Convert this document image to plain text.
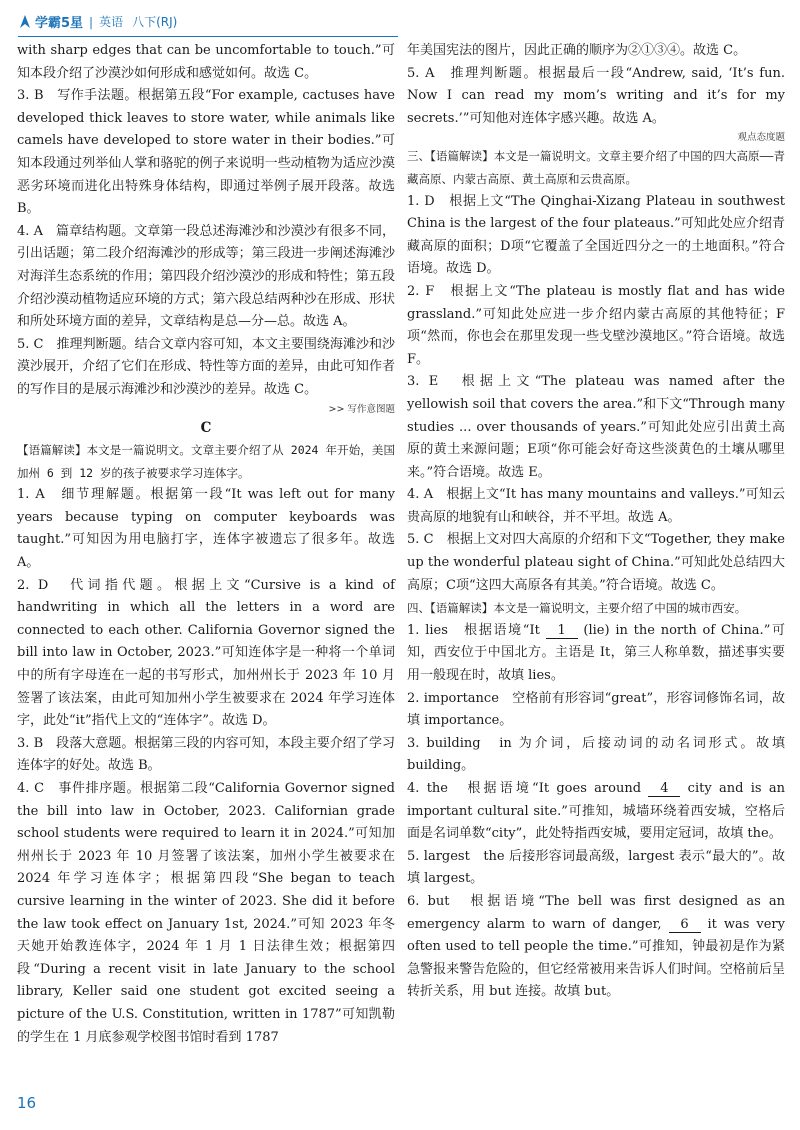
学霸5星 | 英语 八下(RJ)

with sharp edges that can be uncomfortable to touch.”可知本段介绍了沙漠沙如何形成和感觉如何。故选 C。

3. B　写作手法题。根据第五段“For example, cactuses have developed thick leaves to store water, while animals like camels have developed to store water in their bodies.”可知本段通过列举仙人掌和骆驼的例子来说明一些动植物为适应沙漠恶劣环境而进化出特殊身体结构，即通过举例子展开段落。故选 B。

4. A　篇章结构题。文章第一段总述海滩沙和沙漠沙有很多不同，引出话题；第二段介绍海滩沙的形成等；第三段进一步阐述海滩沙对海洋生态系统的作用；第四段介绍沙漠沙的形成和特性；第五段介绍沙漠动植物适应环境的方式；第六段总结两种沙在形成、形状和所处环境方面的差异，文章结构是总—分—总。故选 A。

5. C　推理判断题。结合文章内容可知，本文主要围绕海滩沙和沙漠沙展开，介绍了它们在形成、特性等方面的差异，由此可知作者的写作目的是展示海滩沙和沙漠沙的差异。故选 C。

>> 写作意图题

C

【语篇解读】本文是一篇说明文。文章主要介绍了从 2024 年开始，美国加州 6 到 12 岁的孩子被要求学习连体字。

1. A　细节理解题。根据第一段“It was left out for many years because typing on computer keyboards was taught.”可知因为用电脑打字，连体字被遗忘了很多年。故选 A。

2. D　代词指代题。根据上文“Cursive is a kind of handwriting in which all the letters in a word are connected to each other. California Governor signed the bill into law in October, 2023.”可知连体字是一种将一个单词中的所有字母连在一起的书写形式，加州州长于 2023 年 10 月签署了该法案，由此可知加州小学生被要求在 2024 年学习连体字，此处“it”指代上文的“连体字”。故选 D。

3. B　段落大意题。根据第三段的内容可知，本段主要介绍了学习连体字的好处。故选 B。

4. C　事件排序题。根据第二段“California Governor signed the bill into law in October, 2023. Californian grade school students were required to learn it in 2024.”可知加州州长于 2023 年 10 月签署了该法案，加州小学生被要求在 2024 年学习连体字；根据第四段“She began to teach cursive learning in the winter of 2023. She did it before the law took effect on January 1st, 2024.”可知 2023 年冬天她开始教连体字，2024 年 1 月 1 日法律生效；根据第四段“During a recent visit in late January to the school library, Keller said one student got excited seeing a picture of the U.S. Constitution, written in 1787”可知凯勒的学生在 1 月底参观学校图书馆时看到 1787

年美国宪法的图片，因此正确的顺序为②①③④。故选 C。

5. A　推理判断题。根据最后一段“Andrew, said, ‘It’s fun. Now I can read my mom’s writing and it’s for my secrets.’”可知他对连体字感兴趣。故选 A。

观点态度题

三、【语篇解读】本文是一篇说明文。文章主要介绍了中国的四大高原——青藏高原、内蒙古高原、黄土高原和云贵高原。

1. D　根据上文“The Qinghai-Xizang Plateau in southwest China is the largest of the four plateaus.”可知此处应介绍青藏高原的面积；D项“它覆盖了全国近四分之一的土地面积。”符合语境。故选 D。

2. F　根据上文“The plateau is mostly flat and has wide grassland.”可知此处应进一步介绍内蒙古高原的其他特征；F项“然而，你也会在那里发现一些戈壁沙漠地区。”符合语境。故选 F。

3. E　根据上文“The plateau was named after the yellowish soil that covers the area.”和下文“Through many studies ... over thousands of years.”可知此处应引出黄土高原的黄土来源问题；E项“你可能会好奇这些淡黄色的土壤从哪里来。”符合语境。故选 E。

4. A　根据上文“It has many mountains and valleys.”可知云贵高原的地貌有山和峡谷，并不平坦。故选 A。

5. C　根据上文对四大高原的介绍和下文“Together, they make up the wonderful plateau sight of China.”可知此处总结四大高原；C项“这四大高原各有其美。”符合语境。故选 C。

四、【语篇解读】本文是一篇说明文，主要介绍了中国的城市西安。

1. lies　根据语境“It 1 (lie) in the north of China.”可知，西安位于中国北方。主语是 It，第三人称单数，描述事实要用一般现在时，故填 lies。

2. importance　空格前有形容词“great”，形容词修饰名词，故填 importance。

3. building　in 为介词，后接动词的动名词形式。故填 building。

4. the　根据语境“It goes around 4 city and is an important cultural site.”可推知，城墙环绕着西安城，空格后面是名词单数“city”，此处特指西安城，要用定冠词，故填 the。

5. largest　the 后接形容词最高级，largest 表示“最大的”。故填 largest。

6. but　根据语境“The bell was first designed as an emergency alarm to warn of danger, 6 it was very often used to tell people the time.”可推知，钟最初是作为紧急警报来警告危险的，但它经常被用来告诉人们时间。空格前后呈转折关系，用 but 连接。故填 but。

16
